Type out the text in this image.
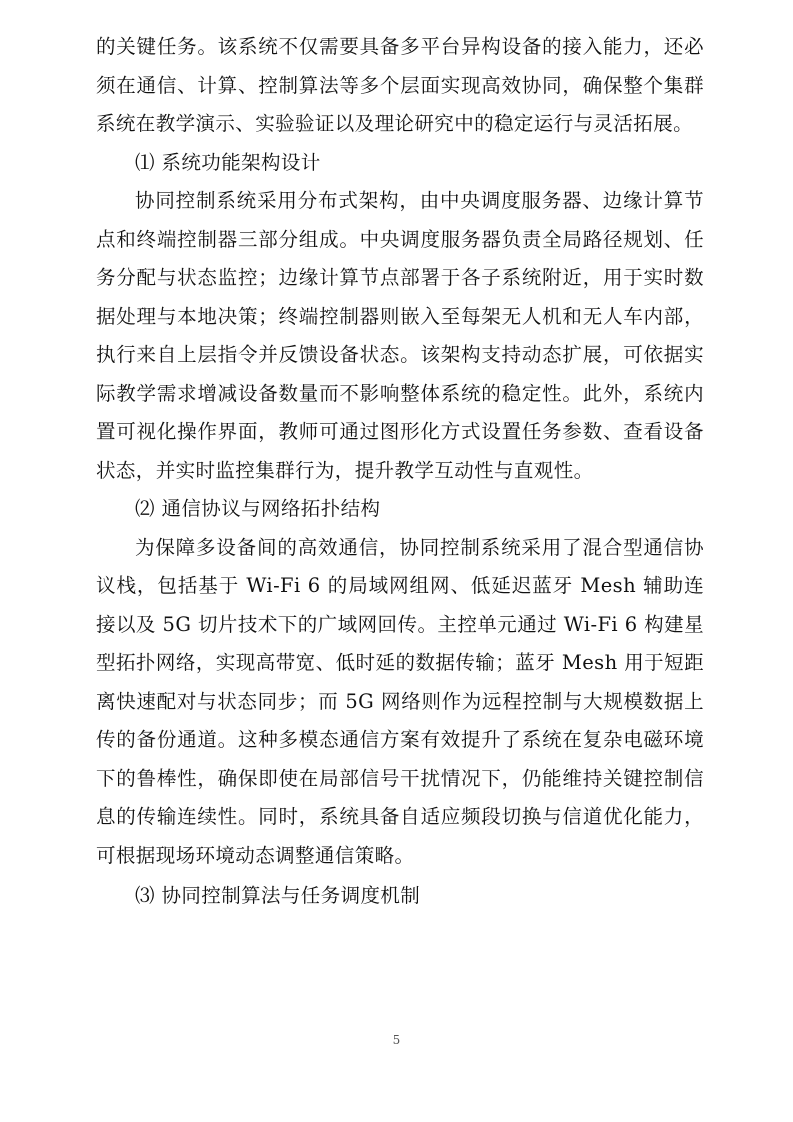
的关键任务。该系统不仅需要具备多平台异构设备的接入能力，还必须在通信、计算、控制算法等多个层面实现高效协同，确保整个集群系统在教学演示、实验验证以及理论研究中的稳定运行与灵活拓展。

⑴ 系统功能架构设计

协同控制系统采用分布式架构，由中央调度服务器、边缘计算节点和终端控制器三部分组成。中央调度服务器负责全局路径规划、任务分配与状态监控；边缘计算节点部署于各子系统附近，用于实时数据处理与本地决策；终端控制器则嵌入至每架无人机和无人车内部，执行来自上层指令并反馈设备状态。该架构支持动态扩展，可依据实际教学需求增减设备数量而不影响整体系统的稳定性。此外，系统内置可视化操作界面，教师可通过图形化方式设置任务参数、查看设备状态，并实时监控集群行为，提升教学互动性与直观性。

⑵ 通信协议与网络拓扑结构

为保障多设备间的高效通信，协同控制系统采用了混合型通信协议栈，包括基于 Wi-Fi 6 的局域网组网、低延迟蓝牙 Mesh 辅助连接以及 5G 切片技术下的广域网回传。主控单元通过 Wi-Fi 6 构建星型拓扑网络，实现高带宽、低时延的数据传输；蓝牙 Mesh 用于短距离快速配对与状态同步；而 5G 网络则作为远程控制与大规模数据上传的备份通道。这种多模态通信方案有效提升了系统在复杂电磁环境下的鲁棒性，确保即使在局部信号干扰情况下，仍能维持关键控制信息的传输连续性。同时，系统具备自适应频段切换与信道优化能力，可根据现场环境动态调整通信策略。

⑶ 协同控制算法与任务调度机制

5
